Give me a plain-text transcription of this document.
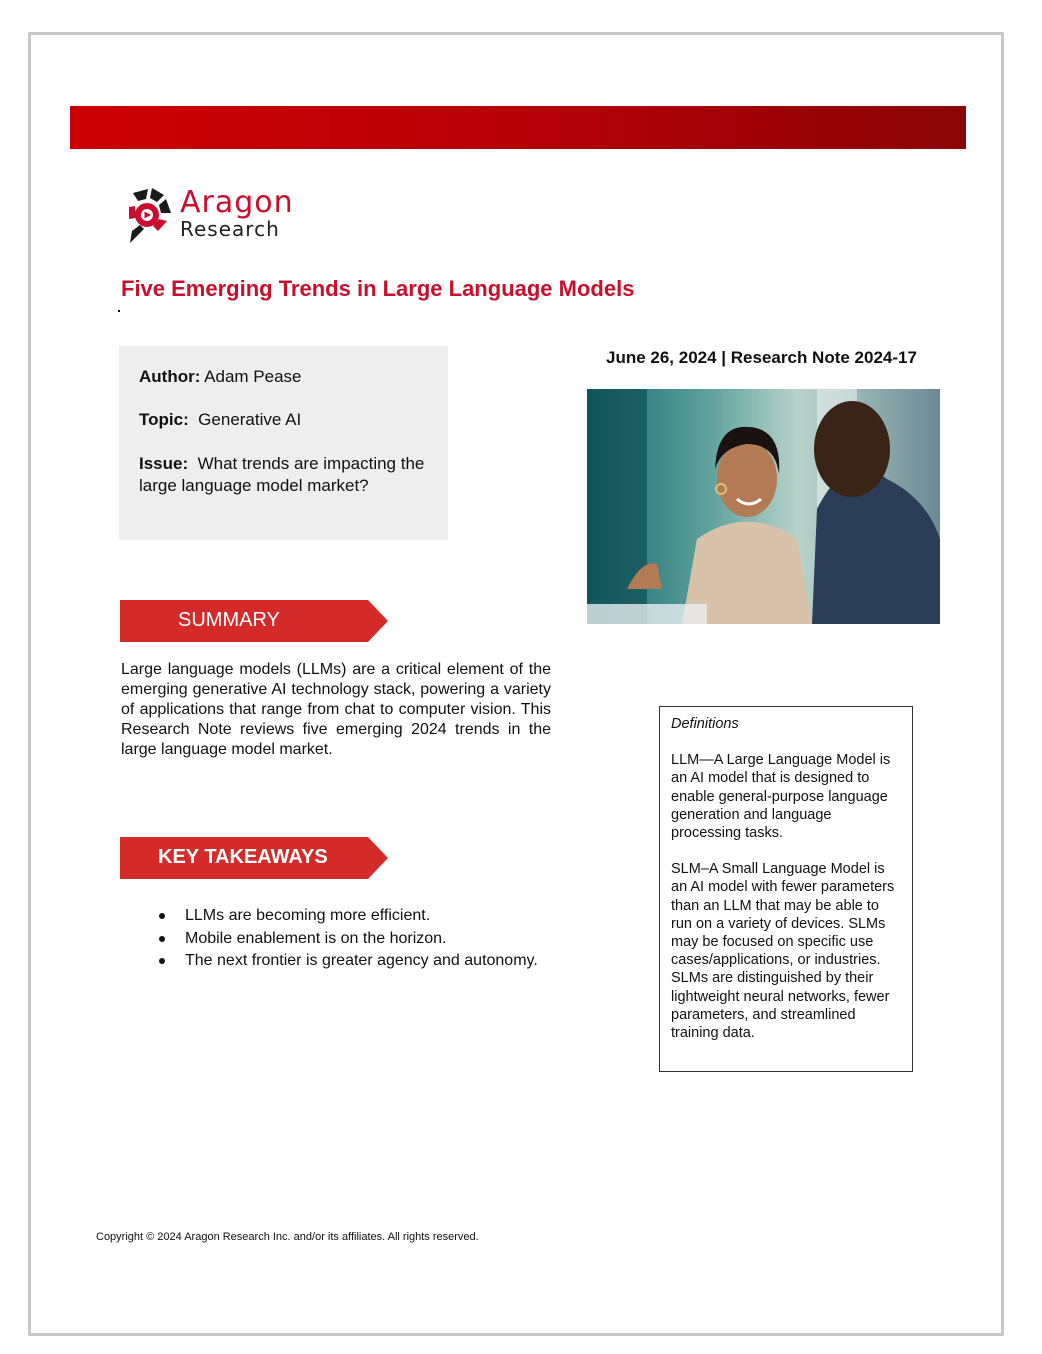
Aragon
Research
Five Emerging Trends in Large Language Models
Author: Adam Pease
Topic:  Generative AI
Issue:  What trends are impacting the large language model market?
June 26, 2024 | Research Note 2024-17
SUMMARY
Large language models (LLMs) are a critical element of the emerging generative AI technology stack, powering a variety of applications that range from chat to computer vision. This Research Note reviews five emerging 2024 trends in the large language model market.
KEY TAKEAWAYS
LLMs are becoming more efficient.
Mobile enablement is on the horizon.
The next frontier is greater agency and autonomy.
Definitions

LLM—A Large Language Model is an AI model that is designed to enable general-purpose language generation and language processing tasks.

SLM–A Small Language Model is an AI model with fewer parameters than an LLM that may be able to run on a variety of devices. SLMs may be focused on specific use cases/applications, or industries. SLMs are distinguished by their lightweight neural networks, fewer parameters, and streamlined training data.

Copyright © 2024 Aragon Research Inc. and/or its affiliates. All rights reserved.
